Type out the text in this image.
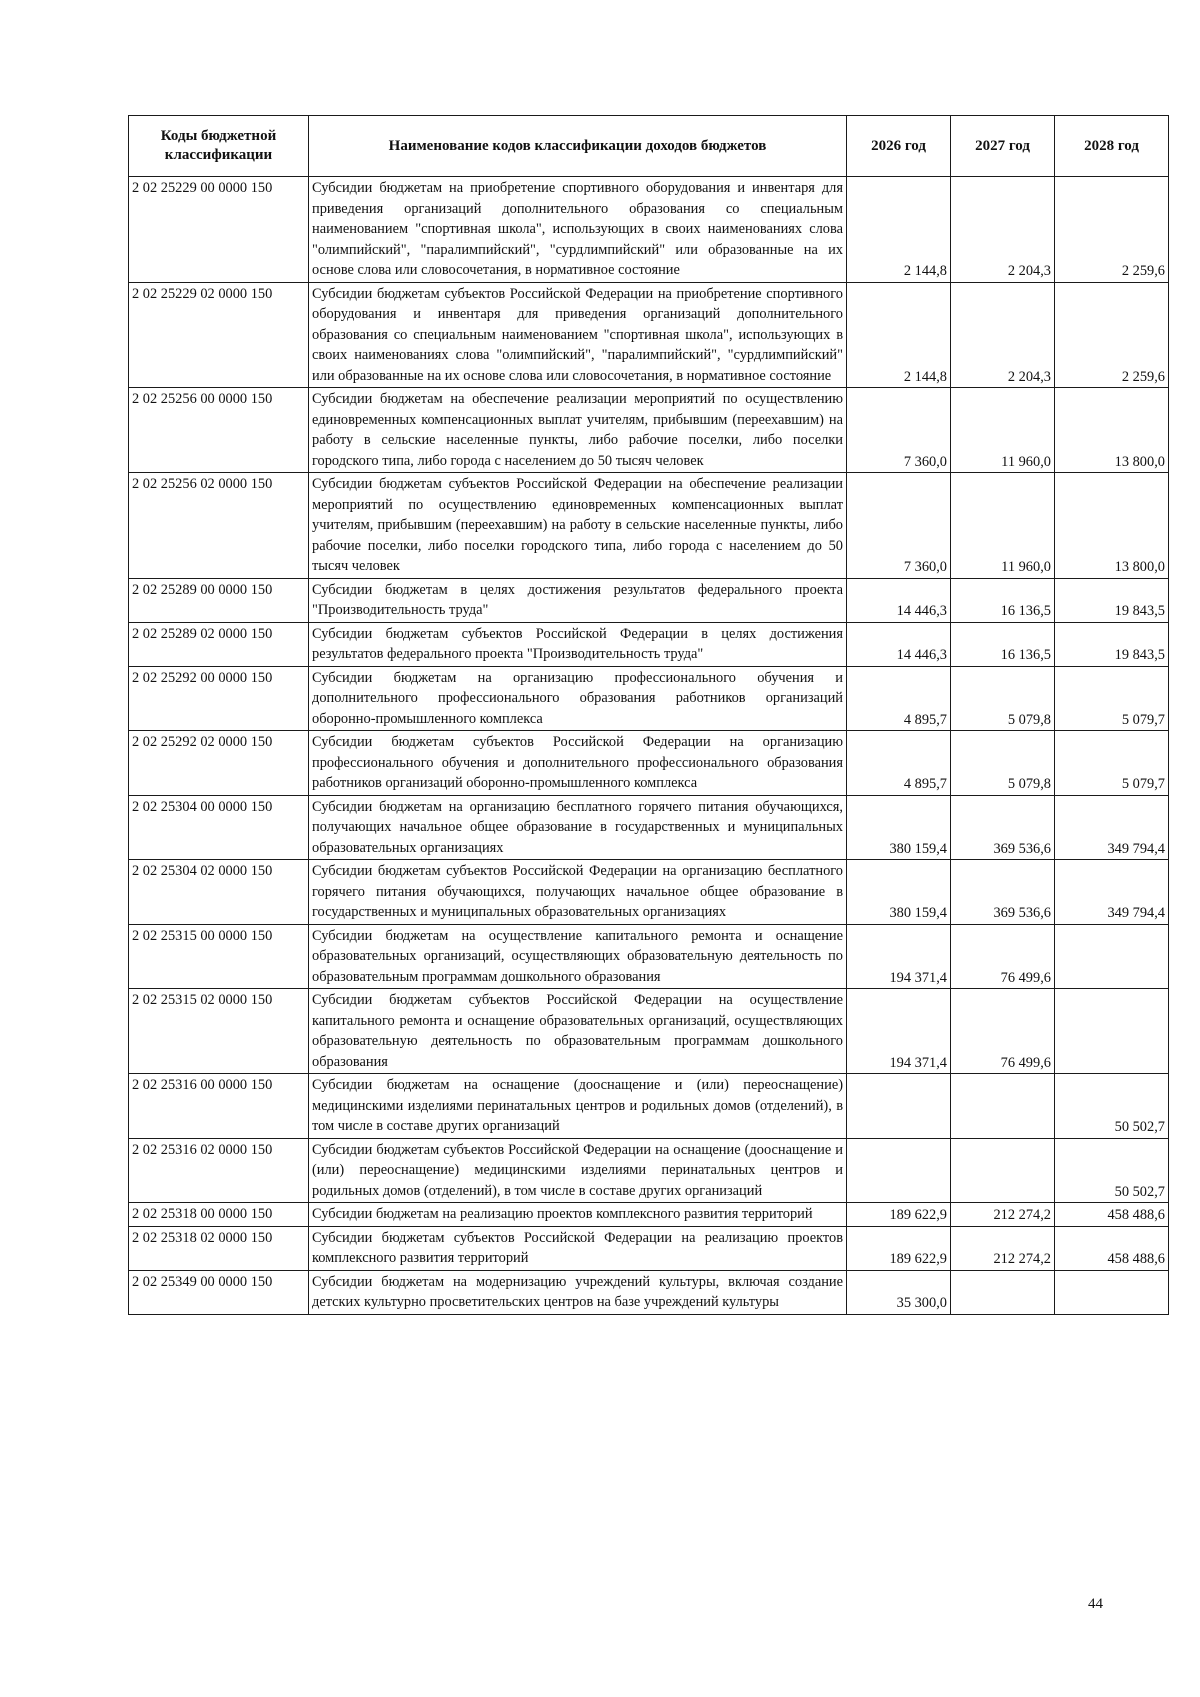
Коды бюджетной классификации	Наименование кодов классификации доходов бюджетов	2026 год	2027 год	2028 год
2 02 25229 00 0000 150	Субсидии бюджетам на приобретение спортивного оборудования и инвентаря для приведения организаций дополнительного образования со специальным наименованием "спортивная школа", использующих в своих наименованиях слова "олимпийский", "паралимпийский", "сурдлимпийский" или образованные на их основе слова или словосочетания, в нормативное состояние	2 144,8	2 204,3	2 259,6
2 02 25229 02 0000 150	Субсидии бюджетам субъектов Российской Федерации на приобретение спортивного оборудования и инвентаря для приведения организаций дополнительного образования со специальным наименованием "спортивная школа", использующих в своих наименованиях слова "олимпийский", "паралимпийский", "сурдлимпийский" или образованные на их основе слова или словосочетания, в нормативное состояние	2 144,8	2 204,3	2 259,6
2 02 25256 00 0000 150	Субсидии бюджетам на обеспечение реализации мероприятий по осуществлению единовременных компенсационных выплат учителям, прибывшим (переехавшим) на работу в сельские населенные пункты, либо рабочие поселки, либо поселки городского типа, либо города с населением до 50 тысяч человек	7 360,0	11 960,0	13 800,0
2 02 25256 02 0000 150	Субсидии бюджетам субъектов Российской Федерации на обеспечение реализации мероприятий по осуществлению единовременных компенсационных выплат учителям, прибывшим (переехавшим) на работу в сельские населенные пункты, либо рабочие поселки, либо поселки городского типа, либо города с населением до 50 тысяч человек	7 360,0	11 960,0	13 800,0
2 02 25289 00 0000 150	Субсидии бюджетам в целях достижения результатов федерального проекта "Производительность труда"	14 446,3	16 136,5	19 843,5
2 02 25289 02 0000 150	Субсидии бюджетам субъектов Российской Федерации в целях достижения результатов федерального проекта "Производительность труда"	14 446,3	16 136,5	19 843,5
2 02 25292 00 0000 150	Субсидии бюджетам на организацию профессионального обучения и дополнительного профессионального образования работников организаций оборонно-промышленного комплекса	4 895,7	5 079,8	5 079,7
2 02 25292 02 0000 150	Субсидии бюджетам субъектов Российской Федерации на организацию профессионального обучения и дополнительного профессионального образования работников организаций оборонно-промышленного комплекса	4 895,7	5 079,8	5 079,7
2 02 25304 00 0000 150	Субсидии бюджетам на организацию бесплатного горячего питания обучающихся, получающих начальное общее образование в государственных и муниципальных образовательных организациях	380 159,4	369 536,6	349 794,4
2 02 25304 02 0000 150	Субсидии бюджетам субъектов Российской Федерации на организацию бесплатного горячего питания обучающихся, получающих начальное общее образование в государственных и муниципальных образовательных организациях	380 159,4	369 536,6	349 794,4
2 02 25315 00 0000 150	Субсидии бюджетам на осуществление капитального ремонта и оснащение образовательных организаций, осуществляющих образовательную деятельность по образовательным программам дошкольного образования	194 371,4	76 499,6	
2 02 25315 02 0000 150	Субсидии бюджетам субъектов Российской Федерации на осуществление капитального ремонта и оснащение образовательных организаций, осуществляющих образовательную деятельность по образовательным программам дошкольного образования	194 371,4	76 499,6	
2 02 25316 00 0000 150	Субсидии бюджетам на оснащение (дооснащение и (или) переоснащение) медицинскими изделиями перинатальных центров и родильных домов (отделений), в том числе в составе других организаций			50 502,7
2 02 25316 02 0000 150	Субсидии бюджетам субъектов Российской Федерации на оснащение (дооснащение и (или) переоснащение) медицинскими изделиями перинатальных центров и родильных домов (отделений), в том числе в составе других организаций			50 502,7
2 02 25318 00 0000 150	Субсидии бюджетам на реализацию проектов комплексного развития территорий	189 622,9	212 274,2	458 488,6
2 02 25318 02 0000 150	Субсидии бюджетам субъектов Российской Федерации на реализацию проектов комплексного развития территорий	189 622,9	212 274,2	458 488,6
2 02 25349 00 0000 150	Субсидии бюджетам на модернизацию учреждений культуры, включая создание детских культурно просветительских центров на базе учреждений культуры	35 300,0		
44
